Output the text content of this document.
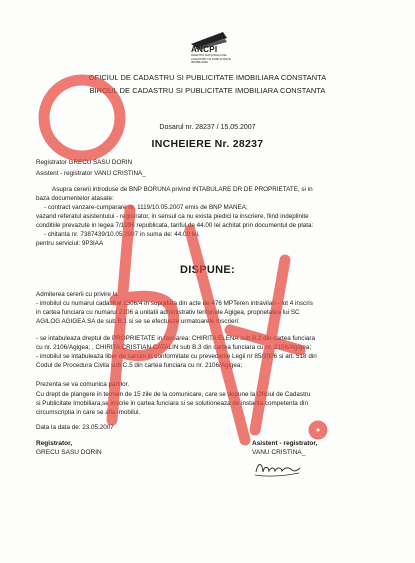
ANCPI
AGENTIA NATIONALA DE CADASTRU SI PUBLICITATE IMOBILIARA
OFICIUL DE CADASTRU SI PUBLICITATE IMOBILIARA CONSTANTA
BIROUL DE CADASTRU SI PUBLICITATE IMOBILIARA CONSTANTA
Dosarul nr. 28237 / 15.05.2007
INCHEIERE Nr. 28237
Registrator GRECU SASU DORIN
Asistent - registrator VANU CRISTINA_
Asupra cererii introduse de BNP BORUNA privind INTABULARE DR DE PROPRIETATE, si in
baza documentelor atasate:
- contract vanzare-cumparare nr. 1119/10.05.2007 emis de BNP MANEA;
vazand referatul asistentului - registrator, in sensul ca nu exista piedici la inscriere, fiind indeplinite
conditiile prevazute in legea 7/1996 republicata, tariful de 44.00 lei achitat prin documentul de plata:
- chitanta nr. 7387439/10.05.2007 in suma de: 44.00 lei,
pentru serviciul: 9P3IAA
DISPUNE:
Admiterea cererii cu privire la:
- imobilul cu numarul cadastral 1306/4 in suprafata din acte de 476 MPTeren intravilan - lot 4 inscris
in cartea funciara cu numarul 2106 a unitatii administrativ teritoriale Agigea, proprietatea lui SC
AGILOG AGIGEA SA de sub B.1 si se se efectueze urmatoarele inscrieri:
- se intabuleaza dreptul de PROPRIETATE in favoarea: CHIRITA ELENA sub B.2 din cartea funciara
cu nr. 2106/Agigea; , CHIRITA CRISTIAN CATALIN sub B.3 din cartea funciara cu nr. 2106/Agigea;
- imobilul se intabuleaza liber de sarcini in conformitate cu prevederile Legii nr 85/2006 si art. 518 din
Codul de Procedura Civila sub C.5 din cartea funciara cu nr. 2106/Agigea;
Prezenta se va comunica partilor.
Cu drept de plangere in termen de 15 zile de la comunicare, care se depune la Oficiul de Cadastru
si Publicitate Imobiliara,se inscrie in cartea funciara si se solutioneaza de instanta competenta din
circumscriptia in care se afla imobilul.
Data la data de: 23.05.2007
Registrator,
GRECU SASU DORIN
Asistent - registrator,
VANU CRISTINA_
